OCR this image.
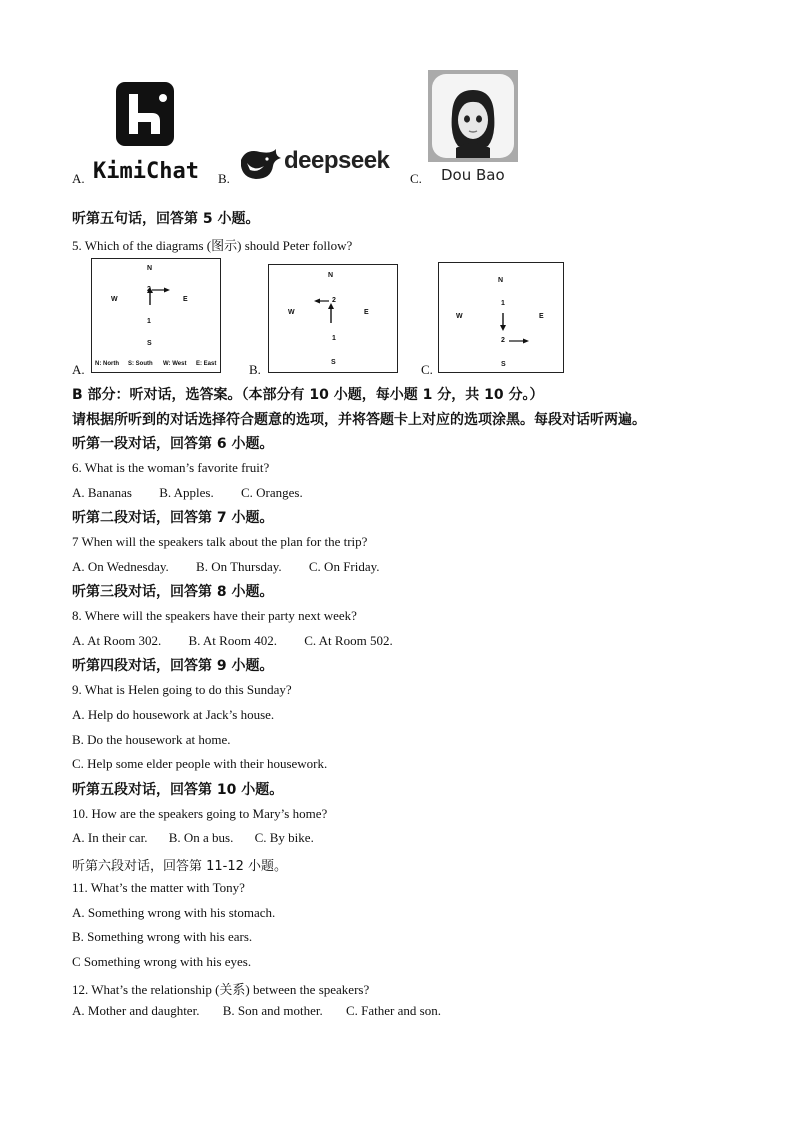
A. KimiChat B.
deepseek
C. Dou Bao
听第五句话，回答第 5 小题。
5. Which of the diagrams (图示) should Peter follow?
A.
N
W	E
S
2
1
N: North S: South W: West E: East	B.
N
W	E
S
2
1
C.
N
W	E
S
1
2
B 部分：听对话，选答案。（本部分有 10 小题，每小题 1 分，共 10 分。）
请根据所听到的对话选择符合题意的选项，并将答题卡上对应的选项涂黑。每段对话听两遍。
听第一段对话，回答第 6 小题。
6. What is the woman’s favorite fruit?
A. Bananas B. Apples. C. Oranges.
听第二段对话，回答第 7 小题。
7 When will the speakers talk about the plan for the trip?
A. On Wednesday. B. On Thursday. C. On Friday.
听第三段对话，回答第 8 小题。
8. Where will the speakers have their party next week?
A. At Room 302. B. At Room 402. C. At Room 502.
听第四段对话，回答第 9 小题。
9. What is Helen going to do this Sunday?
A. Help do housework at Jack’s house.
B. Do the housework at home.
C. Help some elder people with their housework.
听第五段对话，回答第 10 小题。
10. How are the speakers going to Mary’s home?
A. In their car. B. On a bus. C. By bike.
听第六段对话，回答第 11-12 小题。
11. What’s the matter with Tony?
A. Something wrong with his stomach.
B. Something wrong with his ears.
C Something wrong with his eyes.
12. What’s the relationship (关系) between the speakers?
A. Mother and daughter. B. Son and mother. C. Father and son.
